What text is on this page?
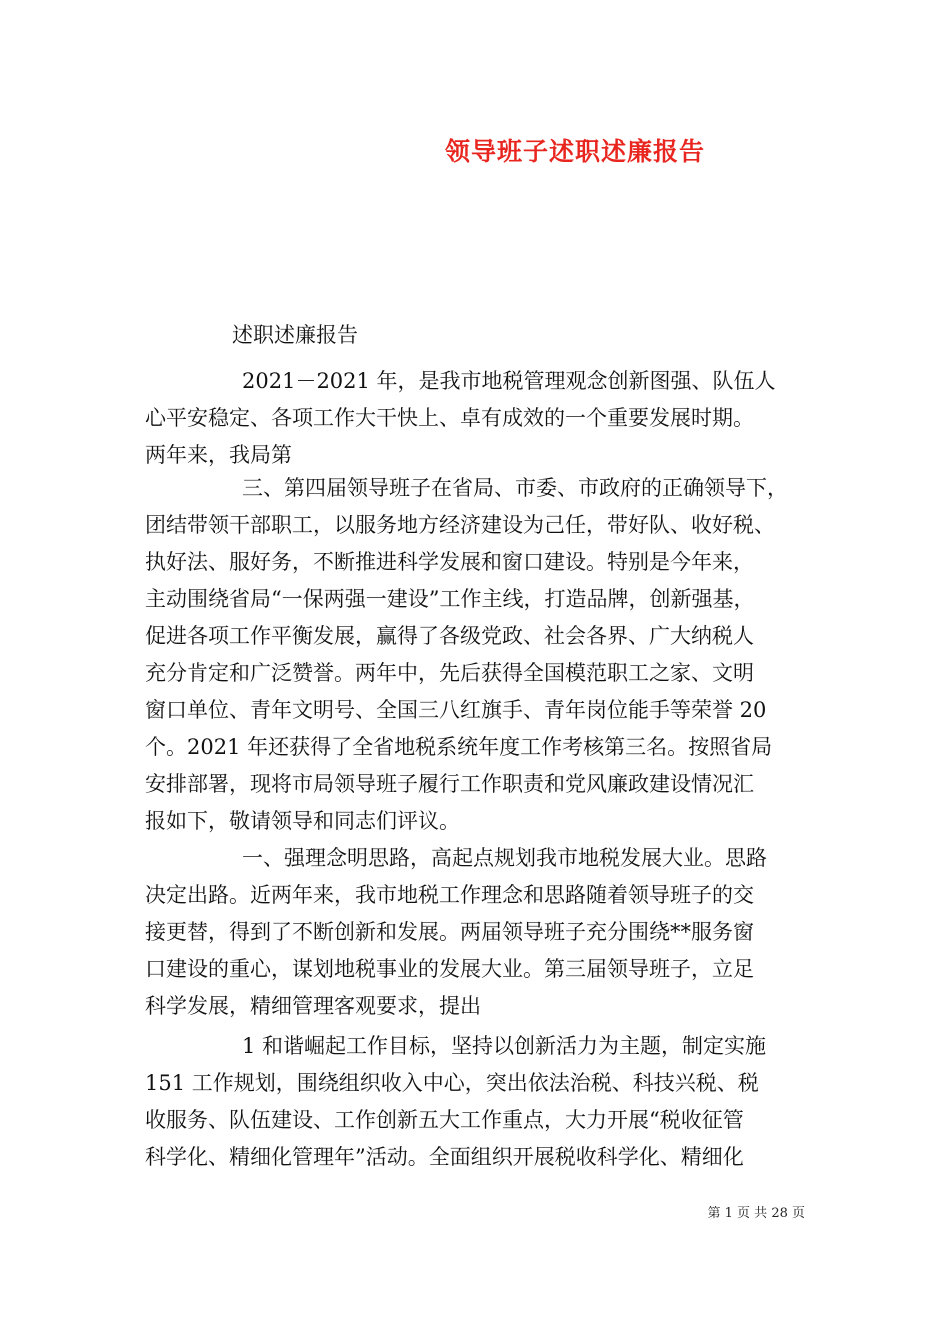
领导班子述职述廉报告
述职述廉报告
2021－2021 年，是我市地税管理观念创新图强、队伍人
心平安稳定、各项工作大干快上、卓有成效的一个重要发展时期。
两年来，我局第
三、第四届领导班子在省局、市委、市政府的正确领导下，
团结带领干部职工，以服务地方经济建设为己任，带好队、收好税、
执好法、服好务，不断推进科学发展和窗口建设。特别是今年来，
主动围绕省局“一保两强一建设”工作主线，打造品牌，创新强基，
促进各项工作平衡发展，赢得了各级党政、社会各界、广大纳税人
充分肯定和广泛赞誉。两年中，先后获得全国模范职工之家、文明
窗口单位、青年文明号、全国三八红旗手、青年岗位能手等荣誉 20
个。2021 年还获得了全省地税系统年度工作考核第三名。按照省局
安排部署，现将市局领导班子履行工作职责和党风廉政建设情况汇
报如下，敬请领导和同志们评议。
一、强理念明思路，高起点规划我市地税发展大业。思路
决定出路。近两年来，我市地税工作理念和思路随着领导班子的交
接更替，得到了不断创新和发展。两届领导班子充分围绕**服务窗
口建设的重心，谋划地税事业的发展大业。第三届领导班子，立足
科学发展，精细管理客观要求，提出
1 和谐崛起工作目标，坚持以创新活力为主题，制定实施
151 工作规划，围绕组织收入中心，突出依法治税、科技兴税、税
收服务、队伍建设、工作创新五大工作重点，大力开展“税收征管
科学化、精细化管理年”活动。全面组织开展税收科学化、精细化
第 1 页 共 28 页
